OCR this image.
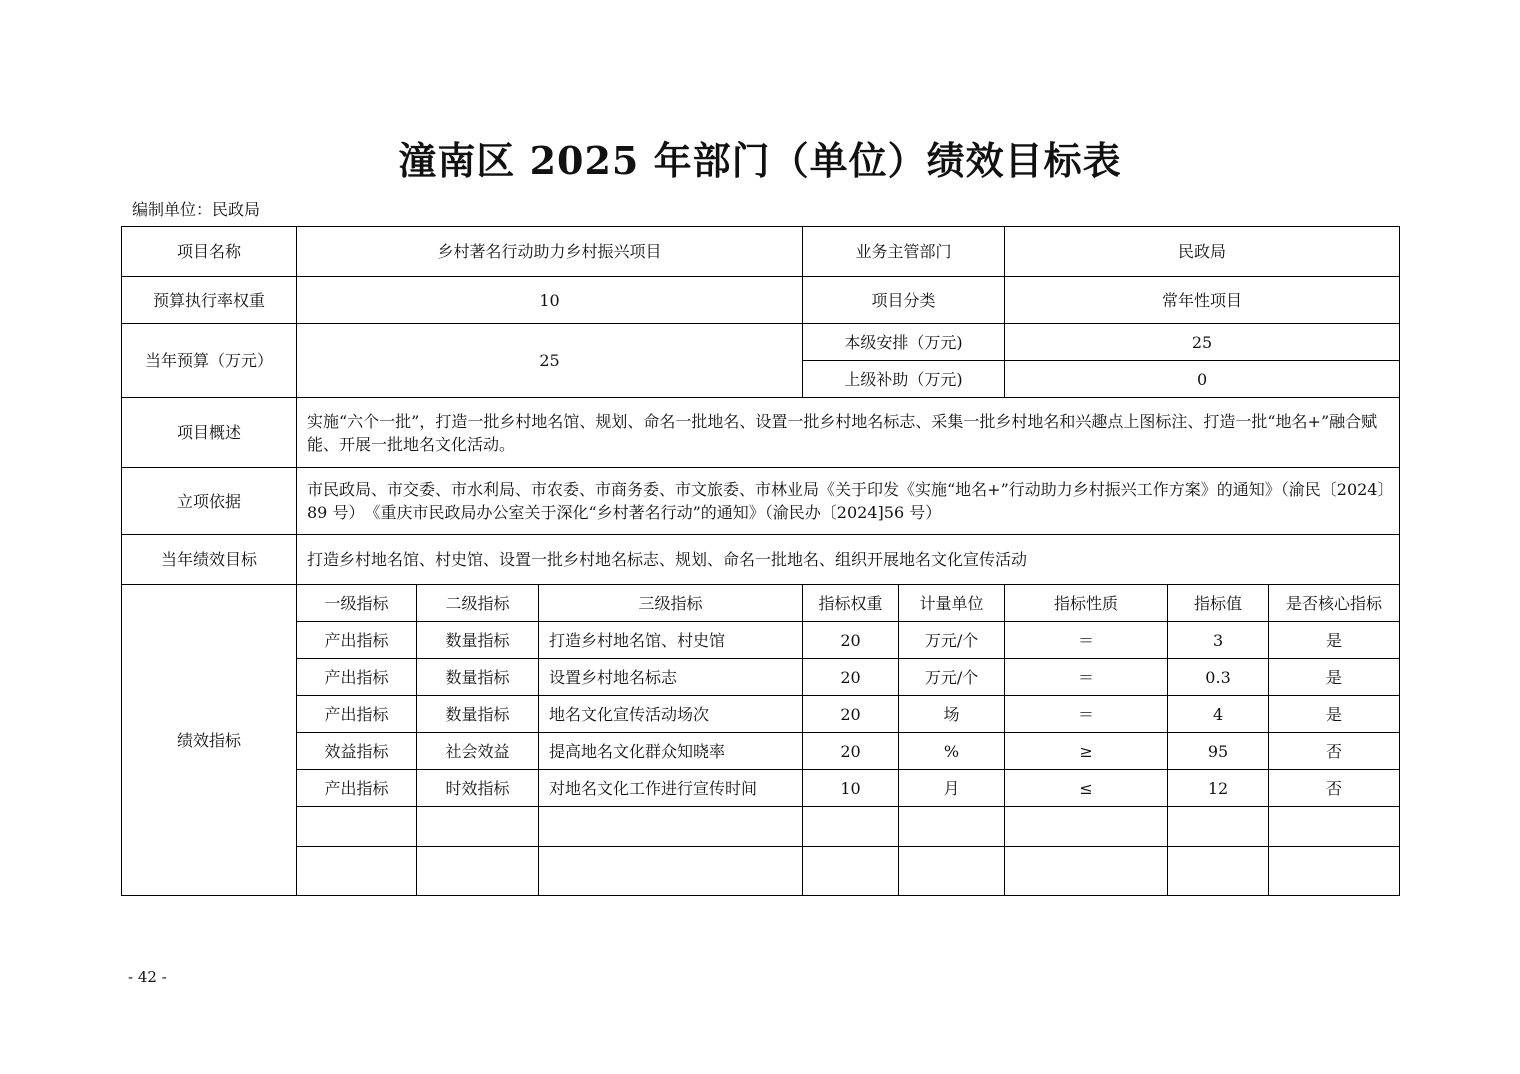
潼南区 2025 年部门（单位）绩效目标表
编制单位：民政局
项目名称	乡村著名行动助力乡村振兴项目			业务主管部门		民政局		
预算执行率权重	10			项目分类		常年性项目		
当年预算（万元）	25			本级安排（万元)		25		
				上级补助（万元)		0		
项目概述	实施“六个一批”，打造一批乡村地名馆、规划、命名一批地名、设置一批乡村地名标志、采集一批乡村地名和兴趣点上图标注、打造一批“地名+”融合赋能、开展一批地名文化活动。							
立项依据	市民政局、市交委、市水利局、市农委、市商务委、市文旅委、市林业局《关于印发《实施“地名+”行动助力乡村振兴工作方案》的通知》（渝民〔2024〕89 号）　《重庆市民政局办公室关于深化“乡村著名行动”的通知》（渝民办〔2024]56 号）							
当年绩效目标	打造乡村地名馆、村史馆、设置一批乡村地名标志、规划、命名一批地名、组织开展地名文化宣传活动							
绩效指标	一级指标	二级指标	三级指标	指标权重	计量单位	指标性质	指标值	是否核心指标
	产出指标	数量指标	打造乡村地名馆、村史馆	20	万元/个	＝	3	是
	产出指标	数量指标	设置乡村地名标志	20	万元/个	＝	0.3	是
	产出指标	数量指标	地名文化宣传活动场次	20	场	＝	4	是
	效益指标	社会效益	提高地名文化群众知晓率	20	%	≥	95	否
	产出指标	时效指标	对地名文化工作进行宣传时间	10	月	≤	12	否

- 42 -
